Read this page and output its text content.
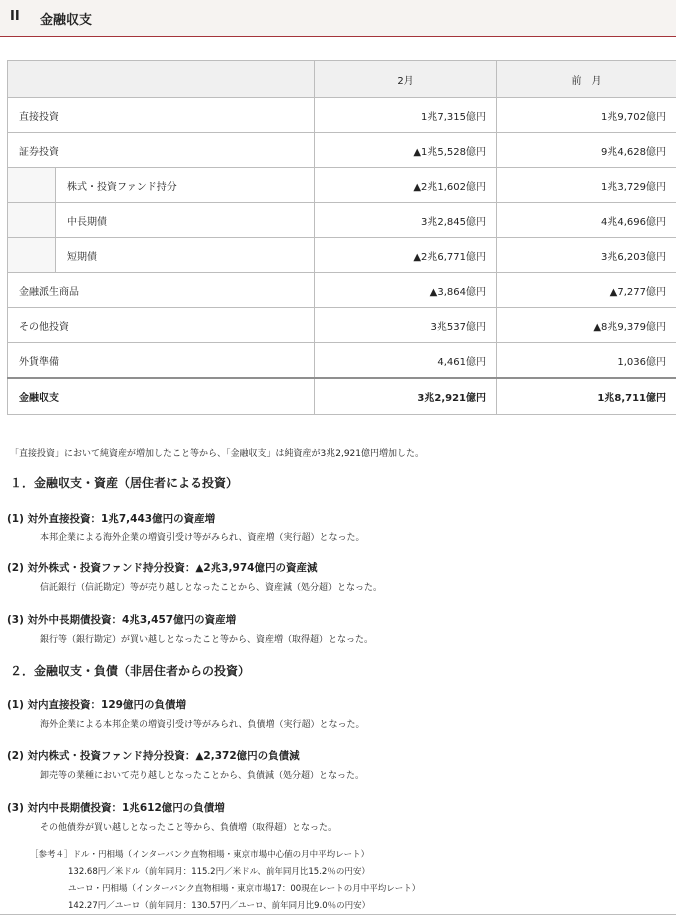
II 金融収支
		2月	前　月
直接投資		1兆7,315億円	1兆9,702億円
証券投資		▲1兆5,528億円	9兆4,628億円
	株式・投資ファンド持分	▲2兆1,602億円	1兆3,729億円
	中長期債	3兆2,845億円	4兆4,696億円
	短期債	▲2兆6,771億円	3兆6,203億円
金融派生商品		▲3,864億円	▲7,277億円
その他投資		3兆537億円	▲8兆9,379億円
外貨準備		4,461億円	1,036億円
金融収支		3兆2,921億円	1兆8,711億円
「直接投資」において純資産が増加したこと等から、「金融収支」は純資産が3兆2,921億円増加した。
１．金融収支・資産（居住者による投資）
(1) 対外直接投資：1兆7,443億円の資産増
本邦企業による海外企業の増資引受け等がみられ、資産増（実行超）となった。
(2) 対外株式・投資ファンド持分投資：▲2兆3,974億円の資産減
信託銀行（信託勘定）等が売り越しとなったことから、資産減（処分超）となった。
(3) 対外中長期債投資：4兆3,457億円の資産増
銀行等（銀行勘定）が買い越しとなったこと等から、資産増（取得超）となった。
２．金融収支・負債（非居住者からの投資）
(1) 対内直接投資：129億円の負債増
海外企業による本邦企業の増資引受け等がみられ、負債増（実行超）となった。
(2) 対内株式・投資ファンド持分投資：▲2,372億円の負債減
卸売等の業種において売り越しとなったことから、負債減（処分超）となった。
(3) 対内中長期債投資：1兆612億円の負債増
その他債券が買い越しとなったこと等から、負債増（取得超）となった。
［参考４］ドル・円相場（インターバンク直物相場・東京市場中心値の月中平均レート）
132.68円／米ドル（前年同月：115.2円／米ドル、前年同月比15.2％の円安）
ユーロ・円相場（インターバンク直物相場・東京市場17：00現在レートの月中平均レート）
142.27円／ユーロ（前年同月：130.57円／ユーロ、前年同月比9.0％の円安）
